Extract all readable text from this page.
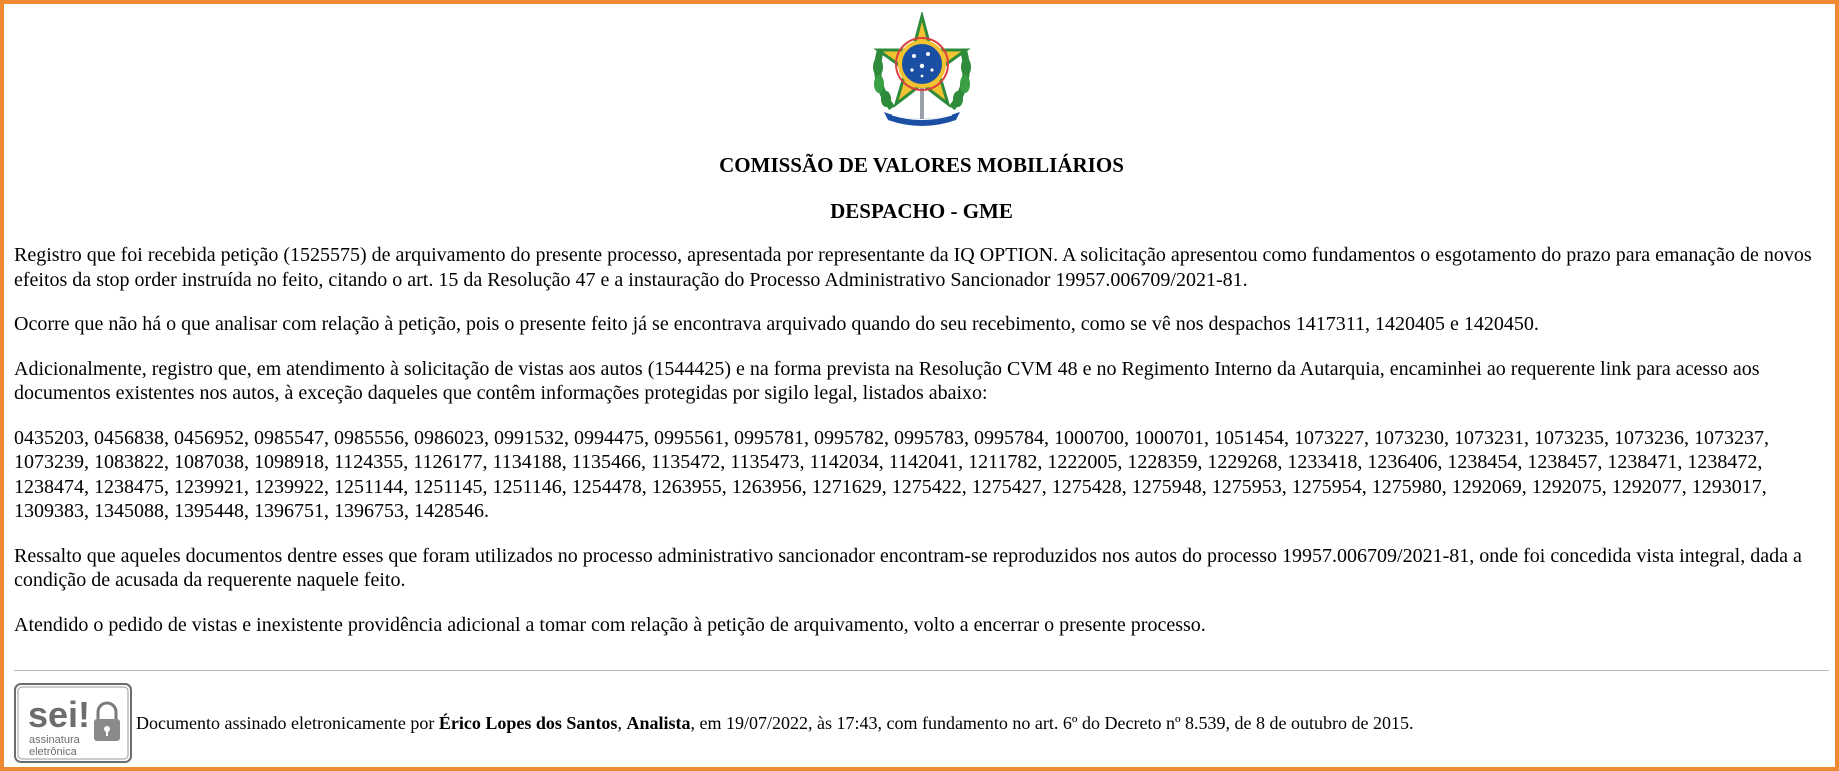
COMISSÃO DE VALORES MOBILIÁRIOS

DESPACHO - GME

Registro que foi recebida petição (1525575) de arquivamento do presente processo, apresentada por representante da IQ OPTION. A solicitação apresentou como fundamentos o esgotamento do prazo para emanação de novos efeitos da stop order instruída no feito, citando o art. 15 da Resolução 47 e a instauração do Processo Administrativo Sancionador 19957.006709/2021-81.

Ocorre que não há o que analisar com relação à petição, pois o presente feito já se encontrava arquivado quando do seu recebimento, como se vê nos despachos 1417311, 1420405 e 1420450.

Adicionalmente, registro que, em atendimento à solicitação de vistas aos autos (1544425) e na forma prevista na Resolução CVM 48 e no Regimento Interno da Autarquia, encaminhei ao requerente link para acesso aos documentos existentes nos autos, à exceção daqueles que contêm informações protegidas por sigilo legal, listados abaixo:

0435203, 0456838, 0456952, 0985547, 0985556, 0986023, 0991532, 0994475, 0995561, 0995781, 0995782, 0995783, 0995784, 1000700, 1000701, 1051454, 1073227, 1073230, 1073231, 1073235, 1073236, 1073237, 1073239, 1083822, 1087038, 1098918, 1124355, 1126177, 1134188, 1135466, 1135472, 1135473, 1142034, 1142041, 1211782, 1222005, 1228359, 1229268, 1233418, 1236406, 1238454, 1238457, 1238471, 1238472, 1238474, 1238475, 1239921, 1239922, 1251144, 1251145, 1251146, 1254478, 1263955, 1263956, 1271629, 1275422, 1275427, 1275428, 1275948, 1275953, 1275954, 1275980, 1292069, 1292075, 1292077, 1293017, 1309383, 1345088, 1395448, 1396751, 1396753, 1428546.

Ressalto que aqueles documentos dentre esses que foram utilizados no processo administrativo sancionador encontram-se reproduzidos nos autos do processo 19957.006709/2021-81, onde foi concedida vista integral, dada a condição de acusada da requerente naquele feito.

Atendido o pedido de vistas e inexistente providência adicional a tomar com relação à petição de arquivamento, volto a encerrar o presente processo.

sei!
assinatura
eletrônica
Documento assinado eletronicamente por Érico Lopes dos Santos, Analista, em 19/07/2022, às 17:43, com fundamento no art. 6º do Decreto nº 8.539, de 8 de outubro de 2015.
